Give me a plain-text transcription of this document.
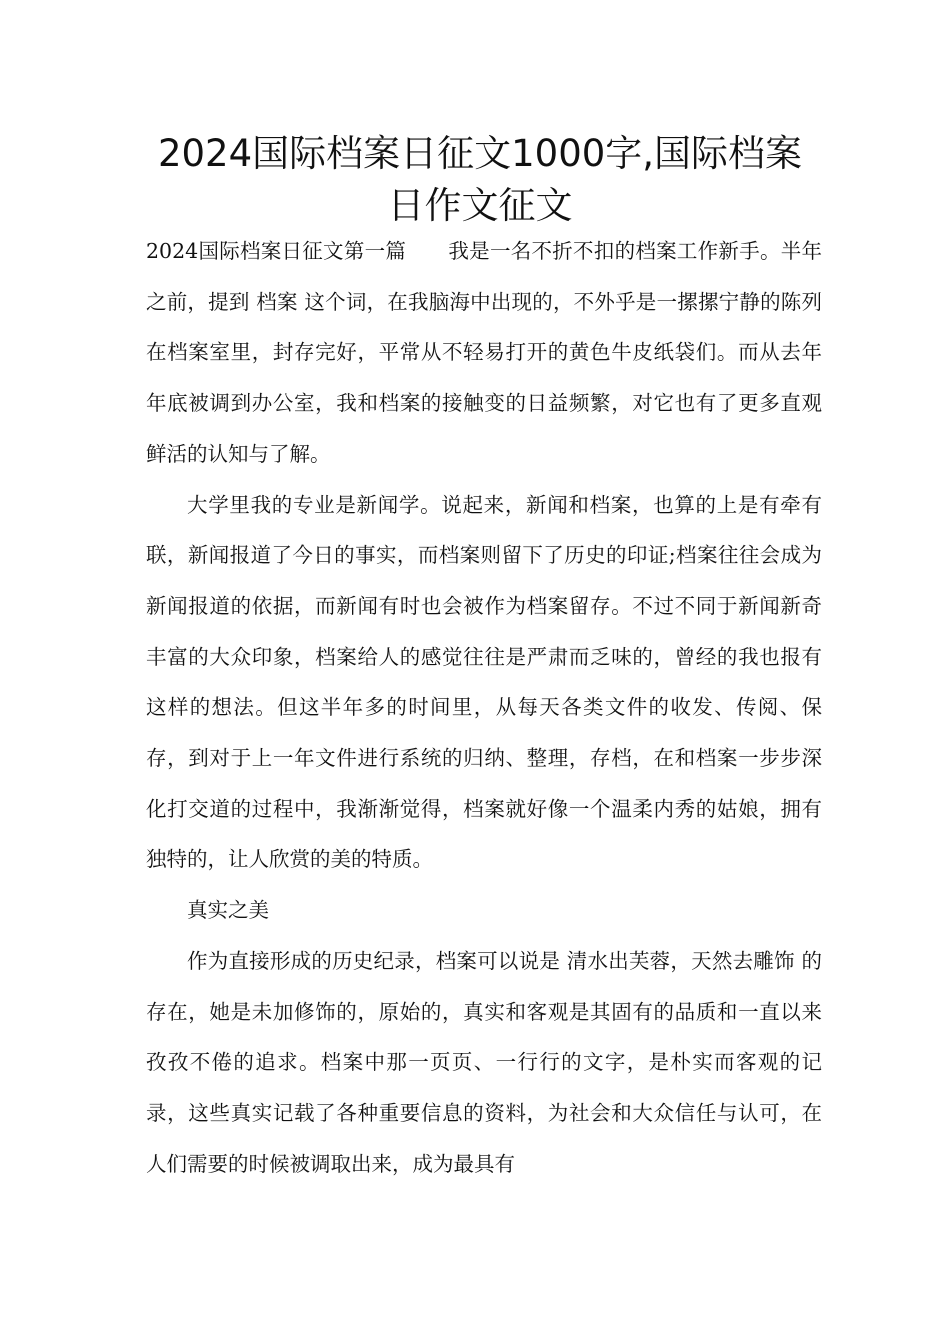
2024国际档案日征文1000字,国际档案日作文征文

2024国际档案日征文第一篇 我是一名不折不扣的档案工作新手。半年之前，提到 档案 这个词，在我脑海中出现的，不外乎是一摞摞宁静的陈列在档案室里，封存完好，平常从不轻易打开的黄色牛皮纸袋们。而从去年年底被调到办公室，我和档案的接触变的日益频繁，对它也有了更多直观鲜活的认知与了解。

大学里我的专业是新闻学。说起来，新闻和档案，也算的上是有牵有联，新闻报道了今日的事实，而档案则留下了历史的印证;档案往往会成为新闻报道的依据，而新闻有时也会被作为档案留存。不过不同于新闻新奇丰富的大众印象，档案给人的感觉往往是严肃而乏味的，曾经的我也报有这样的想法。但这半年多的时间里，从每天各类文件的收发、传阅、保存，到对于上一年文件进行系统的归纳、整理，存档，在和档案一步步深化打交道的过程中，我渐渐觉得，档案就好像一个温柔内秀的姑娘，拥有独特的，让人欣赏的美的特质。

真实之美

作为直接形成的历史纪录，档案可以说是 清水出芙蓉，天然去雕饰 的存在，她是未加修饰的，原始的，真实和客观是其固有的品质和一直以来孜孜不倦的追求。档案中那一页页、一行行的文字，是朴实而客观的记录，这些真实记载了各种重要信息的资料，为社会和大众信任与认可，在人们需要的时候被调取出来，成为最具有
